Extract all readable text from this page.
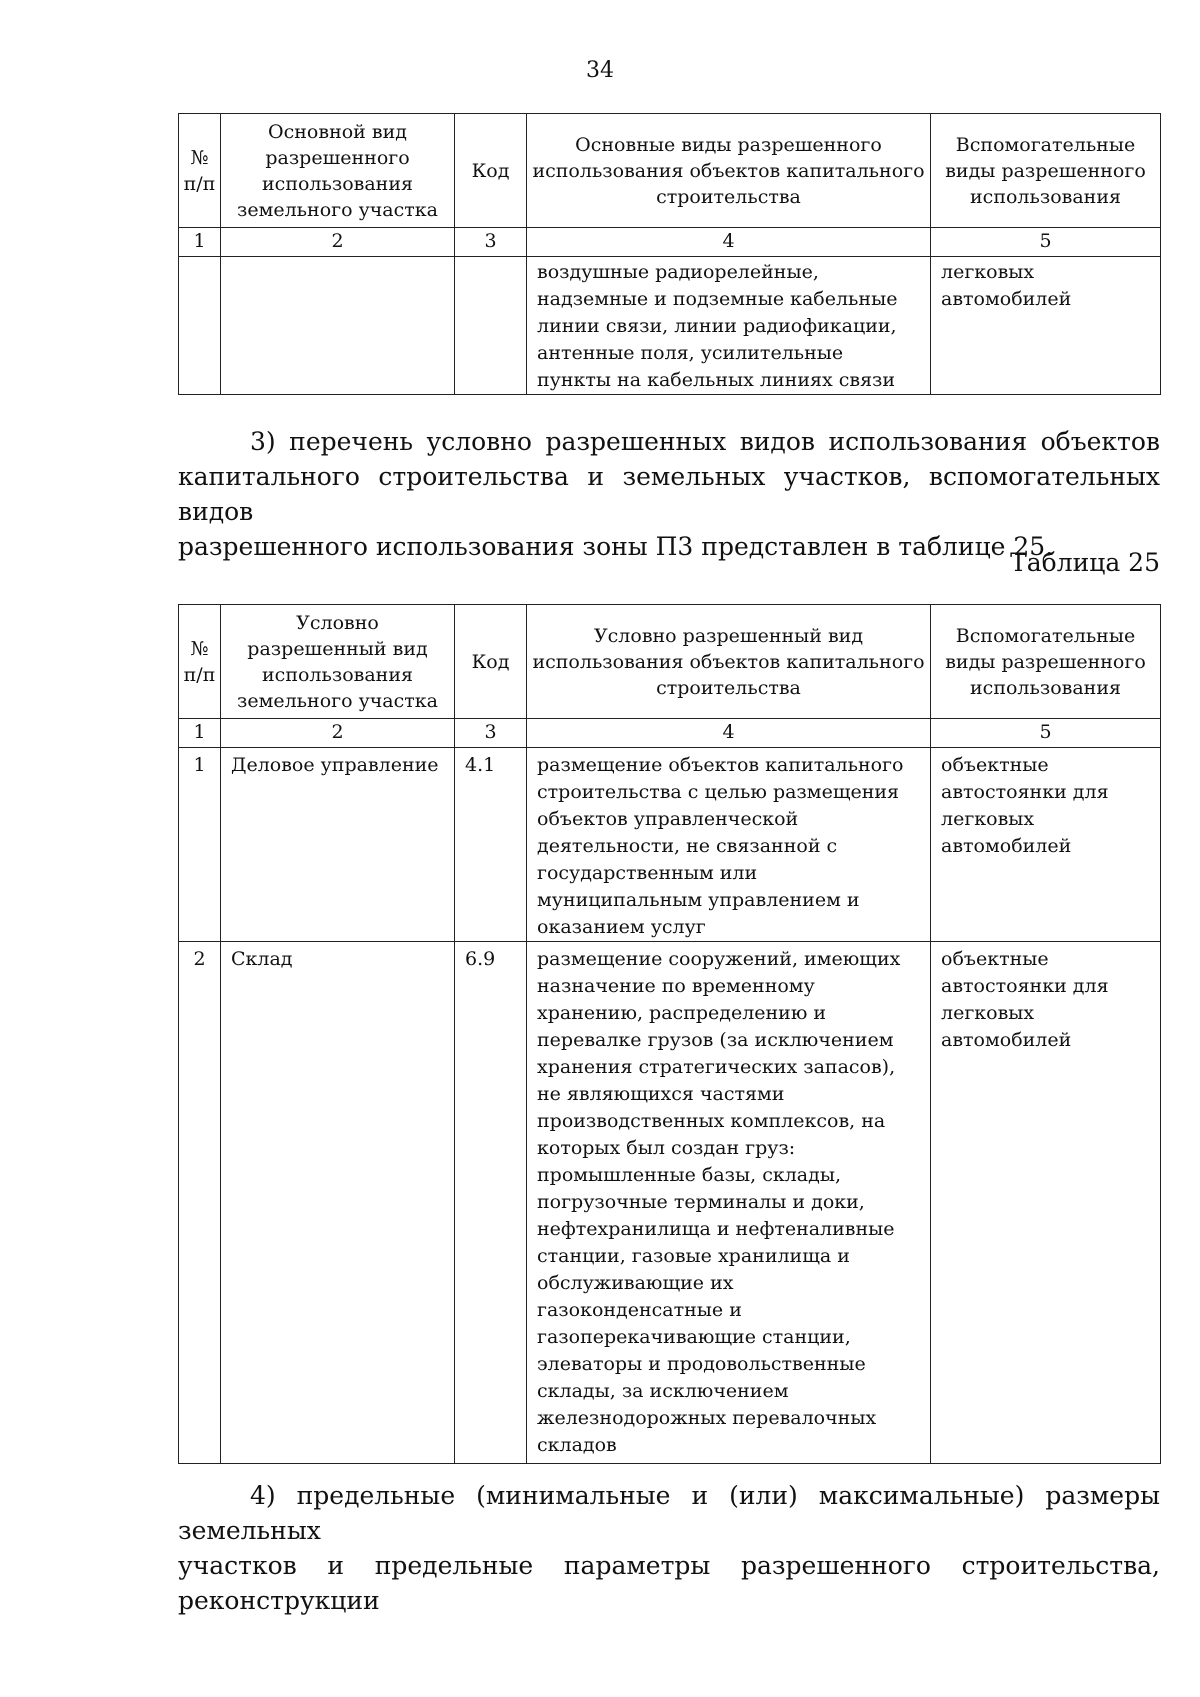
34
№ п/п	Основной вид разрешенного использования земельного участка	Код	Основные виды разрешенного использования объектов капитального строительства	Вспомогательные виды разрешенного использования
1	2	3	4	5
			воздушные радиорелейные, надземные и подземные кабельные линии связи, линии радиофикации, антенные поля, усилительные пункты на кабельных линиях связи	легковых автомобилей
3) перечень условно разрешенных видов использования объектов
капитального строительства и земельных участков, вспомогательных видов
разрешенного использования зоны П3 представлен в таблице 25.
Таблица 25
№ п/п	Условно разрешенный вид использования земельного участка	Код	Условно разрешенный вид использования объектов капитального строительства	Вспомогательные виды разрешенного использования
1	2	3	4	5
1	Деловое управление	4.1	размещение объектов капитального строительства с целью размещения объектов управленческой деятельности, не связанной с государственным или муниципальным управлением и оказанием услуг	объектные автостоянки для легковых автомобилей
2	Склад	6.9	размещение сооружений, имеющих назначение по временному хранению, распределению и перевалке грузов (за исключением хранения стратегических запасов), не являющихся частями производственных комплексов, на которых был создан груз: промышленные базы, склады, погрузочные терминалы и доки, нефтехранилища и нефтеналивные станции, газовые хранилища и обслуживающие их газоконденсатные и газоперекачивающие станции, элеваторы и продовольственные склады, за исключением железнодорожных перевалочных складов	объектные автостоянки для легковых автомобилей
4) предельные (минимальные и (или) максимальные) размеры земельных
участков и предельные параметры разрешенного строительства, реконструкции
